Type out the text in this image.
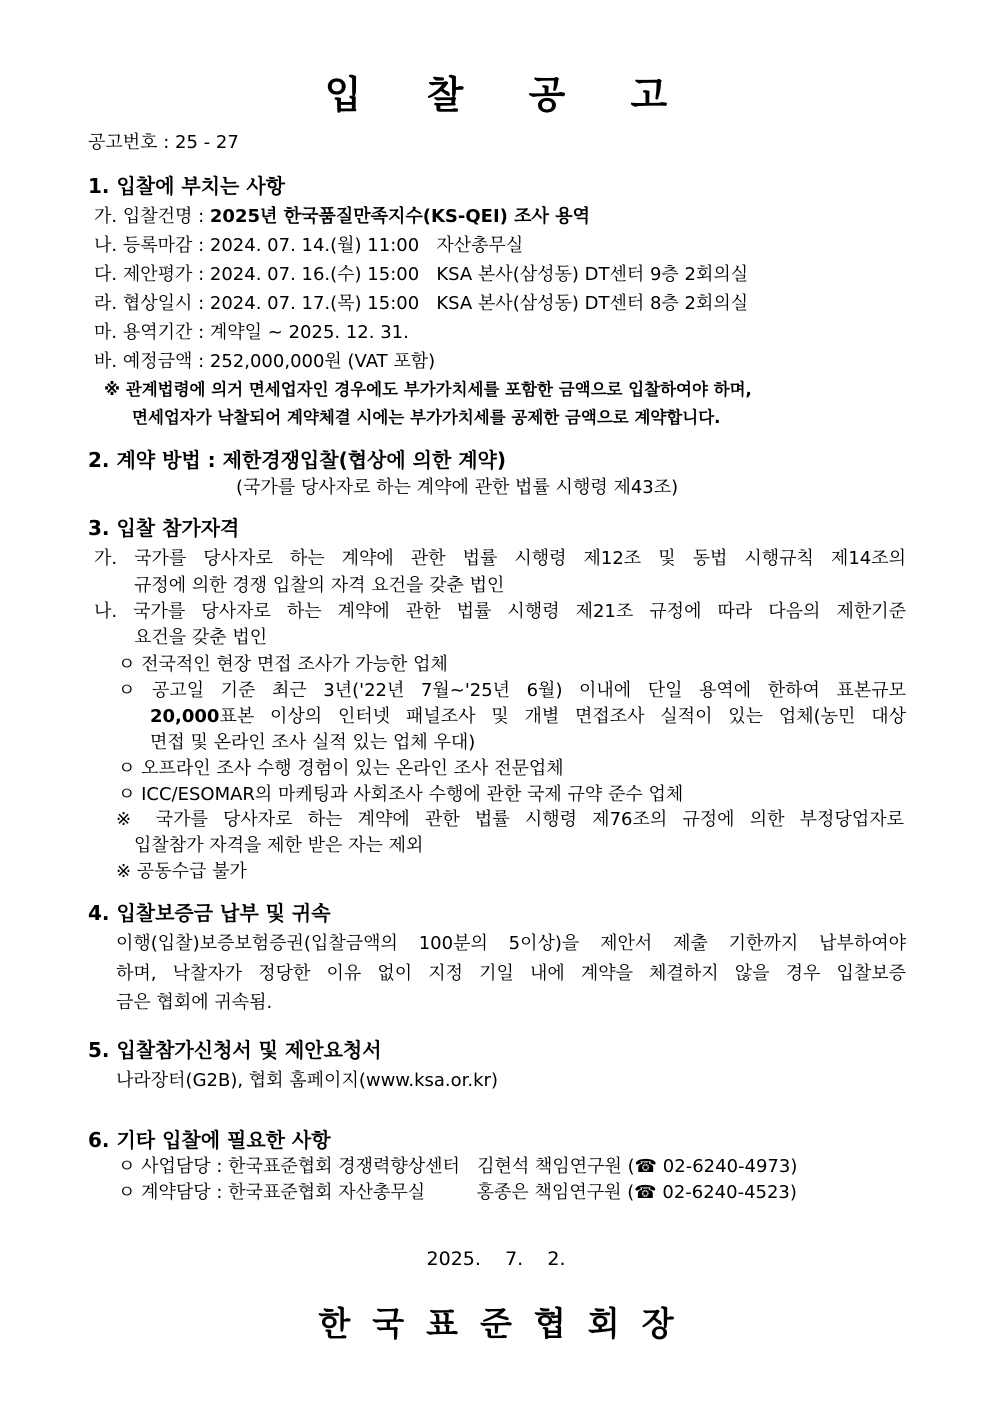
입 찰 공 고
공고번호 : 25 - 27
1. 입찰에 부치는 사항
가. 입찰건명 : 2025년 한국품질만족지수(KS-QEI) 조사 용역
나. 등록마감 : 2024. 07. 14.(월) 11:00   자산총무실
다. 제안평가 : 2024. 07. 16.(수) 15:00   KSA 본사(삼성동) DT센터 9층 2회의실
라. 협상일시 : 2024. 07. 17.(목) 15:00   KSA 본사(삼성동) DT센터 8층 2회의실
마. 용역기간 : 계약일 ~ 2025. 12. 31.
바. 예정금액 : 252,000,000원 (VAT 포함)
※ 관계법령에 의거 면세업자인 경우에도 부가가치세를 포함한 금액으로 입찰하여야 하며,
면세업자가 낙찰되어 계약체결 시에는 부가가치세를 공제한 금액으로 계약합니다.
2. 계약 방법 : 제한경쟁입찰(협상에 의한 계약)
(국가를 당사자로 하는 계약에 관한 법률 시행령 제43조)
3. 입찰 참가자격
가. 국가를 당사자로 하는 계약에 관한 법률 시행령 제12조 및 동법 시행규칙 제14조의
규정에 의한 경쟁 입찰의 자격 요건을 갖춘 법인
나. 국가를 당사자로 하는 계약에 관한 법률 시행령 제21조 규정에 따라 다음의 제한기준
요건을 갖춘 법인
ㅇ 전국적인 현장 면접 조사가 가능한 업체
ㅇ 공고일 기준 최근 3년('22년 7월~'25년 6월) 이내에 단일 용역에 한하여 표본규모
20,000표본 이상의 인터넷 패널조사 및 개별 면접조사 실적이 있는 업체(농민 대상
면접 및 온라인 조사 실적 있는 업체 우대)
ㅇ 오프라인 조사 수행 경험이 있는 온라인 조사 전문업체
ㅇ ICC/ESOMAR의 마케팅과 사회조사 수행에 관한 국제 규약 준수 업체
※ 국가를 당사자로 하는 계약에 관한 법률 시행령 제76조의 규정에 의한 부정당업자로
입찰참가 자격을 제한 받은 자는 제외
※ 공동수급 불가
4. 입찰보증금 납부 및 귀속
이행(입찰)보증보험증권(입찰금액의 100분의 5이상)을 제안서 제출 기한까지 납부하여야
하며, 낙찰자가 정당한 이유 없이 지정 기일 내에 계약을 체결하지 않을 경우 입찰보증
금은 협회에 귀속됨.
5. 입찰참가신청서 및 제안요청서
나라장터(G2B), 협회 홈페이지(www.ksa.or.kr)
6. 기타 입찰에 필요한 사항
ㅇ 사업담당 : 한국표준협회 경쟁력향상센터   김현석 책임연구원 (☎ 02-6240-4973)
ㅇ 계약담당 : 한국표준협회 자산총무실         홍종은 책임연구원 (☎ 02-6240-4523)
2025.    7.    2.
한국표준협회장
